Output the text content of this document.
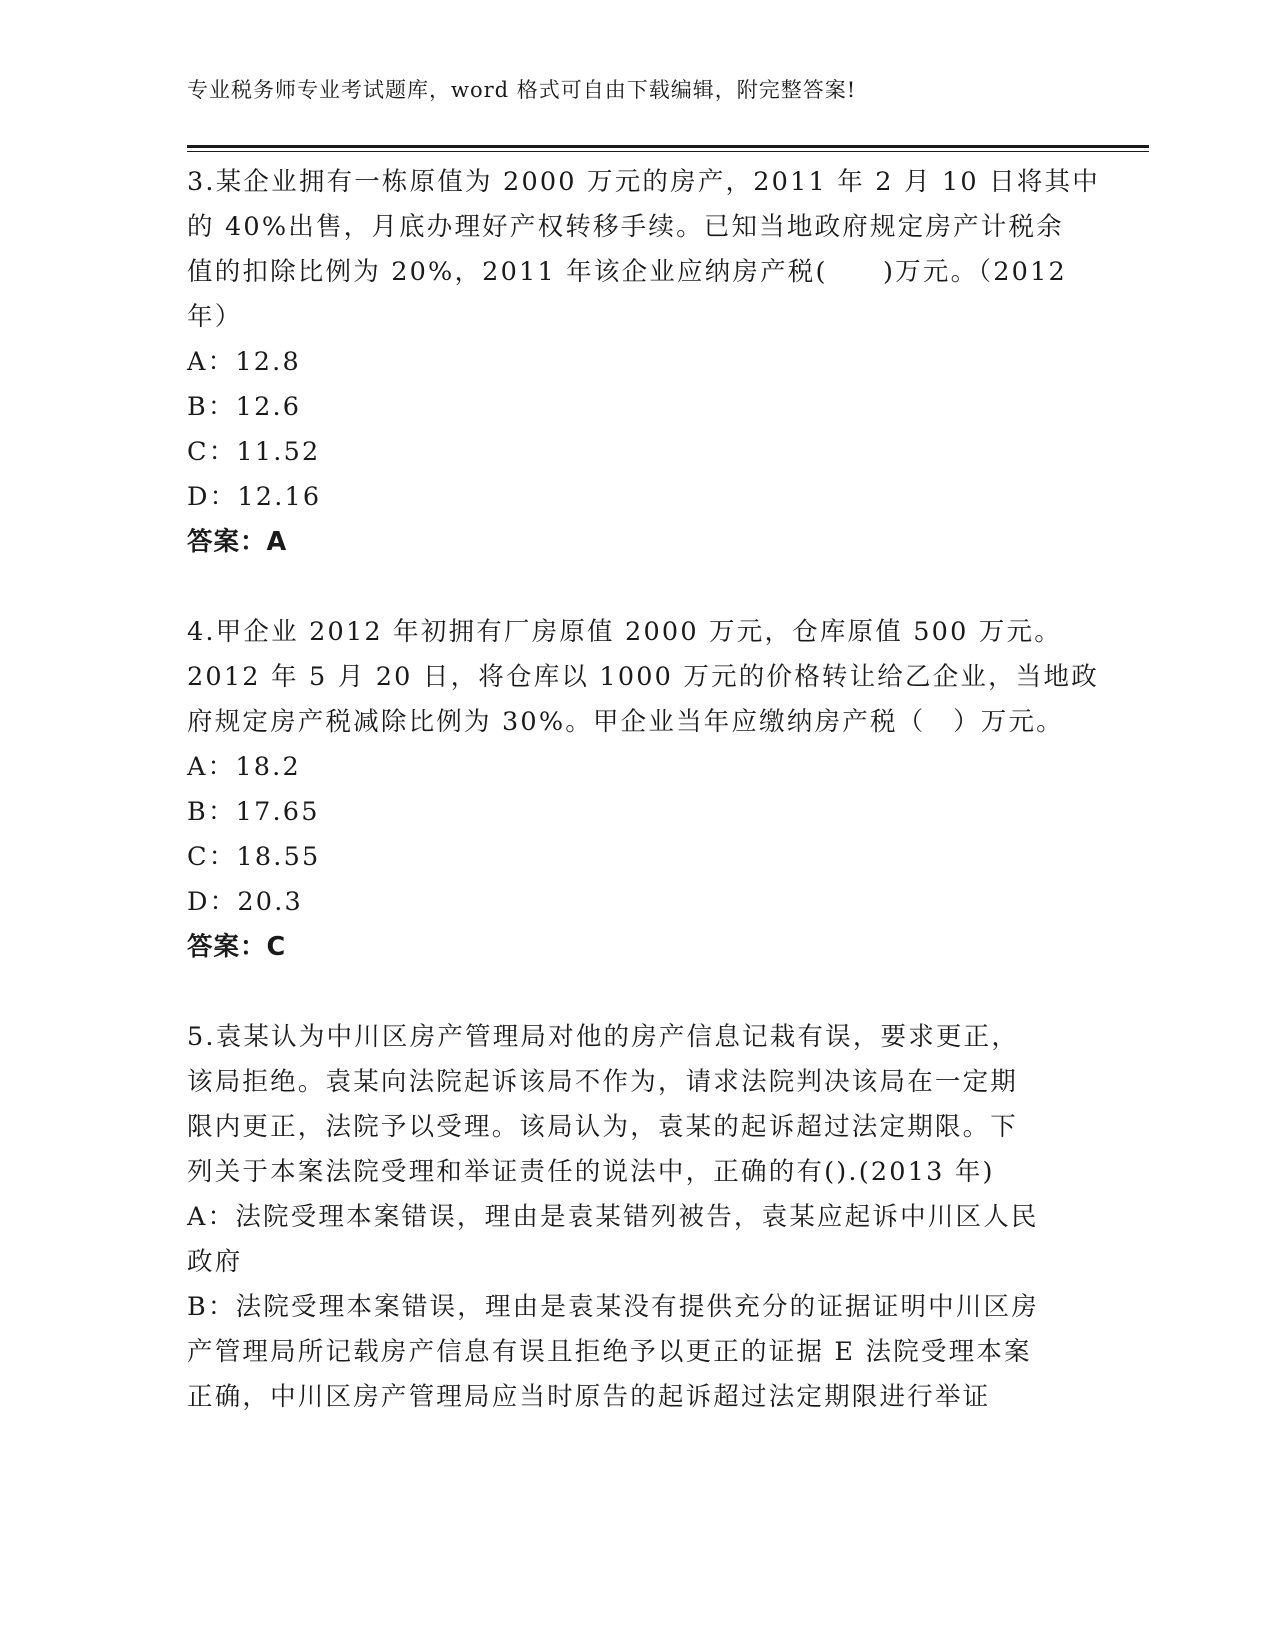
专业税务师专业考试题库，word 格式可自由下载编辑，附完整答案!
3.某企业拥有一栋原值为 2000 万元的房产，2011 年 2 月 10 日将其中
的 40%出售，月底办理好产权转移手续。已知当地政府规定房产计税余
值的扣除比例为 20%，2011 年该企业应纳房产税(　　)万元。（2012
年）
A：12.8
B：12.6
C：11.52
D：12.16
答案：A
4.甲企业 2012 年初拥有厂房原值 2000 万元，仓库原值 500 万元。
2012 年 5 月 20 日，将仓库以 1000 万元的价格转让给乙企业，当地政
府规定房产税减除比例为 30%。甲企业当年应缴纳房产税（　）万元。
A：18.2
B：17.65
C：18.55
D：20.3
答案：C
5.袁某认为中川区房产管理局对他的房产信息记栽有误，要求更正，
该局拒绝。袁某向法院起诉该局不作为，请求法院判决该局在一定期
限内更正，法院予以受理。该局认为，袁某的起诉超过法定期限。下
列关于本案法院受理和举证责任的说法中，正确的有().(2013 年)
A：法院受理本案错误，理由是袁某错列被告，袁某应起诉中川区人民
政府
B：法院受理本案错误，理由是袁某没有提供充分的证据证明中川区房
产管理局所记载房产信息有误且拒绝予以更正的证据 E 法院受理本案
正确，中川区房产管理局应当时原告的起诉超过法定期限进行举证
